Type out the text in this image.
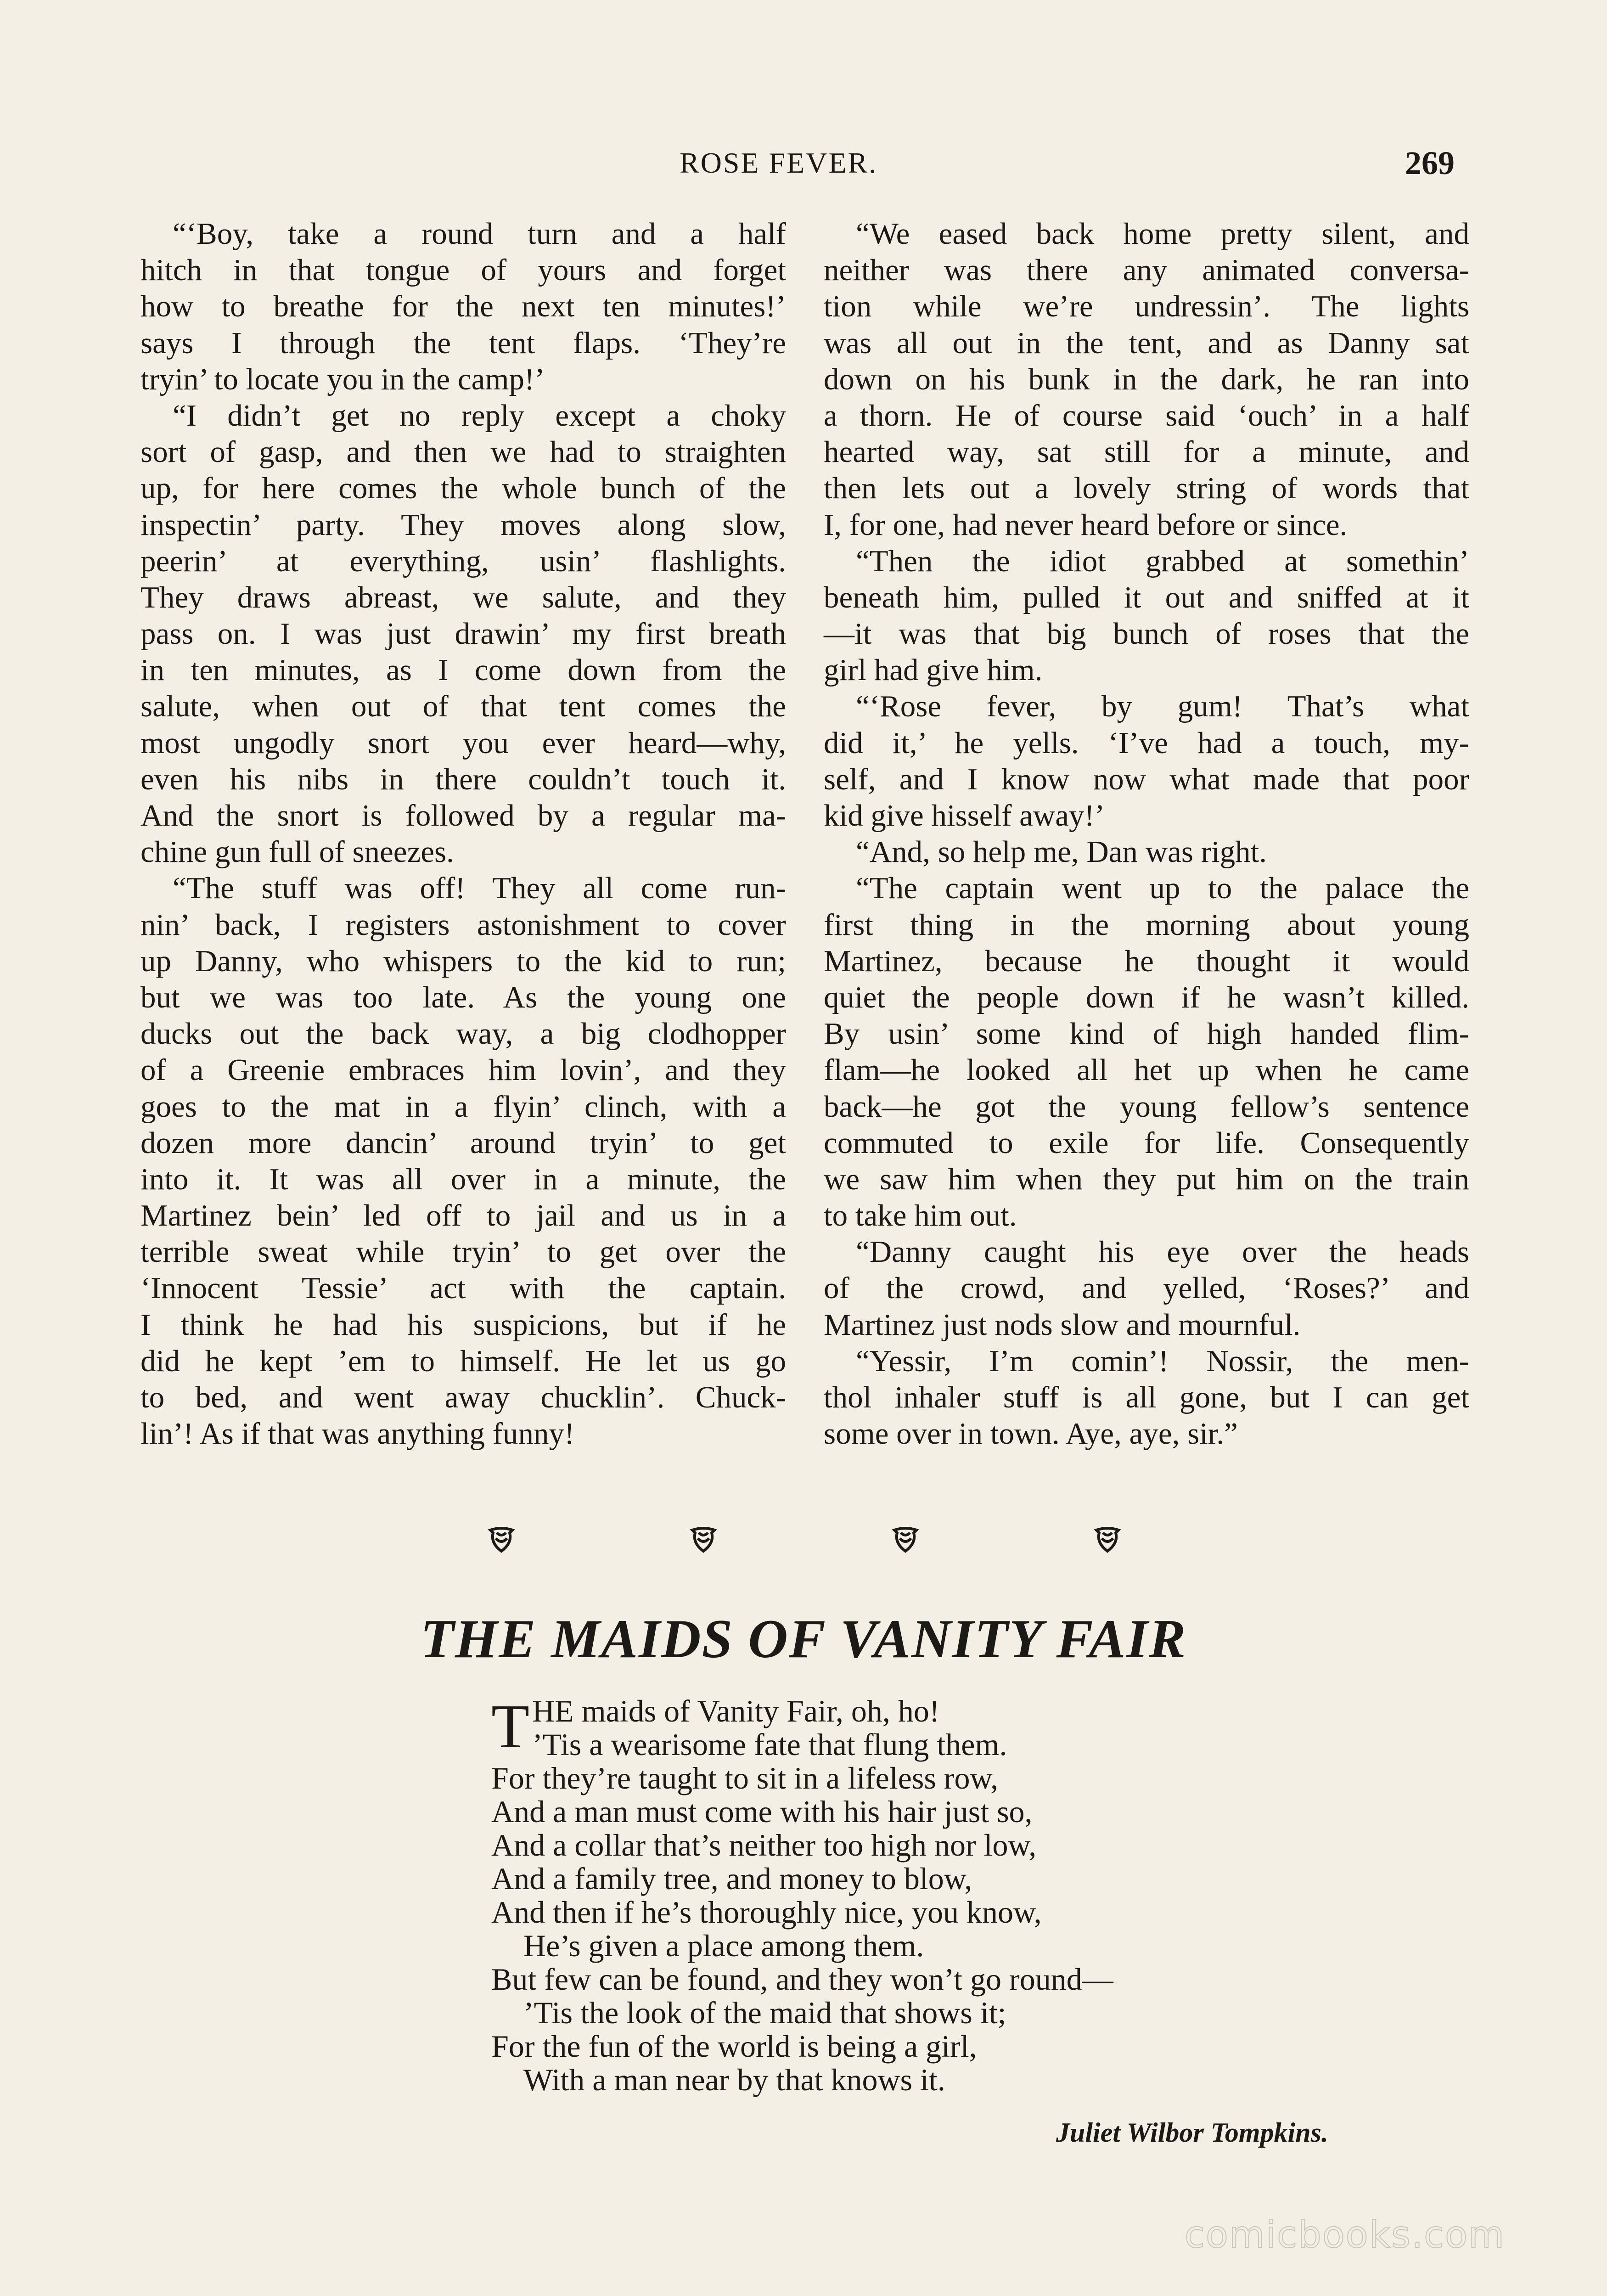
ROSE FEVER.	269
“‘Boy, take a round turn and a half
hitch in that tongue of yours and forget
how to breathe for the next ten minutes!’
says I through the tent flaps. ‘They’re
tryin’ to locate you in the camp!’
“I didn’t get no reply except a choky
sort of gasp, and then we had to straighten
up, for here comes the whole bunch of the
inspectin’ party. They moves along slow,
peerin’ at everything, usin’ flashlights.
They draws abreast, we salute, and they
pass on. I was just drawin’ my first breath
in ten minutes, as I come down from the
salute, when out of that tent comes the
most ungodly snort you ever heard—why,
even his nibs in there couldn’t touch it.
And the snort is followed by a regular ma-
chine gun full of sneezes.
“The stuff was off! They all come run-
nin’ back, I registers astonishment to cover
up Danny, who whispers to the kid to run;
but we was too late. As the young one
ducks out the back way, a big clodhopper
of a Greenie embraces him lovin’, and they
goes to the mat in a flyin’ clinch, with a
dozen more dancin’ around tryin’ to get
into it. It was all over in a minute, the
Martinez bein’ led off to jail and us in a
terrible sweat while tryin’ to get over the
‘Innocent Tessie’ act with the captain.
I think he had his suspicions, but if he
did he kept ’em to himself. He let us go
to bed, and went away chucklin’. Chuck-
lin’! As if that was anything funny!
“We eased back home pretty silent, and
neither was there any animated conversa-
tion while we’re undressin’. The lights
was all out in the tent, and as Danny sat
down on his bunk in the dark, he ran into
a thorn. He of course said ‘ouch’ in a half
hearted way, sat still for a minute, and
then lets out a lovely string of words that
I, for one, had never heard before or since.
“Then the idiot grabbed at somethin’
beneath him, pulled it out and sniffed at it
—it was that big bunch of roses that the
girl had give him.
“‘Rose fever, by gum! That’s what
did it,’ he yells. ‘I’ve had a touch, my-
self, and I know now what made that poor
kid give hisself away!’
“And, so help me, Dan was right.
“The captain went up to the palace the
first thing in the morning about young
Martinez, because he thought it would
quiet the people down if he wasn’t killed.
By usin’ some kind of high handed flim-
flam—he looked all het up when he came
back—he got the young fellow’s sentence
commuted to exile for life. Consequently
we saw him when they put him on the train
to take him out.
“Danny caught his eye over the heads
of the crowd, and yelled, ‘Roses?’ and
Martinez just nods slow and mournful.
“Yessir, I’m comin’! Nossir, the men-
thol inhaler stuff is all gone, but I can get
some over in town. Aye, aye, sir.”
THE MAIDS OF VANITY FAIR
T HE maids of Vanity Fair, oh, ho!
’Tis a wearisome fate that flung them.
For they’re taught to sit in a lifeless row,
And a man must come with his hair just so,
And a collar that’s neither too high nor low,
And a family tree, and money to blow,
And then if he’s thoroughly nice, you know,
He’s given a place among them.
But few can be found, and they won’t go round—
’Tis the look of the maid that shows it;
For the fun of the world is being a girl,
With a man near by that knows it.
Juliet Wilbor Tompkins.
comicbooks.com
